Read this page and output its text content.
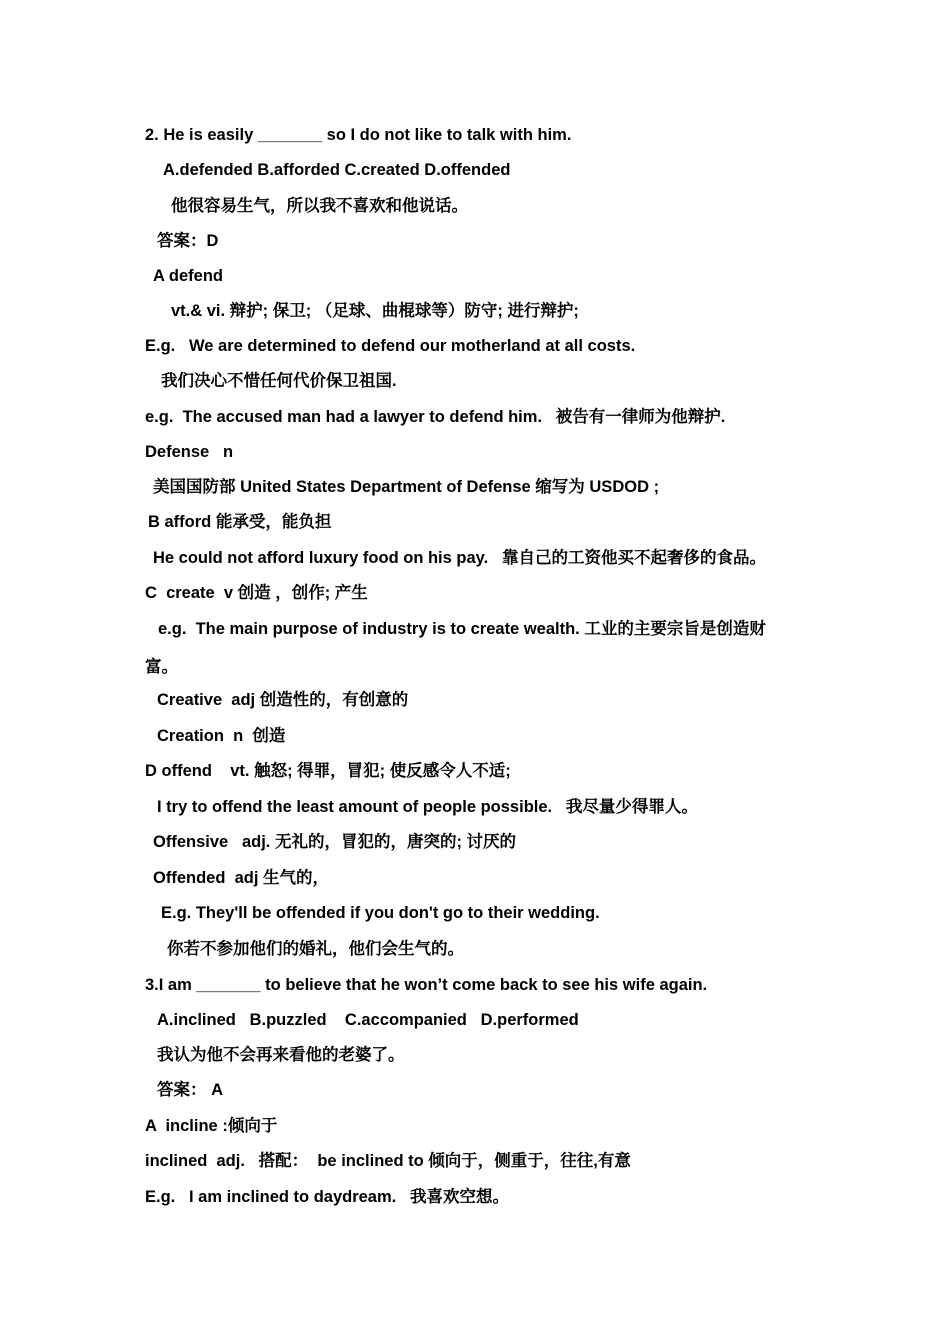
2. He is easily _______ so I do not like to talk with him.
A.defended B.afforded C.created D.offended
他很容易生气，所以我不喜欢和他说话。
答案：D
A defend
vt.& vi. 辩护; 保卫; （足球、曲棍球等）防守; 进行辩护;
E.g.   We are determined to defend our motherland at all costs.
我们决心不惜任何代价保卫祖国.
e.g.  The accused man had a lawyer to defend him.   被告有一律师为他辩护.
Defense   n
美国国防部 United States Department of Defense 缩写为 USDOD ;
B afford 能承受，能负担
He could not afford luxury food on his pay.   靠自己的工资他买不起奢侈的食品。
C  create  v 创造 ，创作; 产生
e.g.  The main purpose of industry is to create wealth. 工业的主要宗旨是创造财
富。
Creative  adj 创造性的，有创意的
Creation  n  创造
D offend    vt. 触怒; 得罪，冒犯; 使反感令人不适;
I try to offend the least amount of people possible.   我尽量少得罪人。
Offensive   adj. 无礼的，冒犯的，唐突的; 讨厌的
Offended  adj 生气的，
E.g. They'll be offended if you don't go to their wedding.
你若不参加他们的婚礼，他们会生气的。
3.I am _______ to believe that he won’t come back to see his wife again.
A.inclined   B.puzzled    C.accompanied   D.performed
我认为他不会再来看他的老婆了。
答案： A
A  incline :倾向于
inclined  adj.   搭配：  be inclined to 倾向于，侧重于，往往,有意
E.g.   I am inclined to daydream.   我喜欢空想。
